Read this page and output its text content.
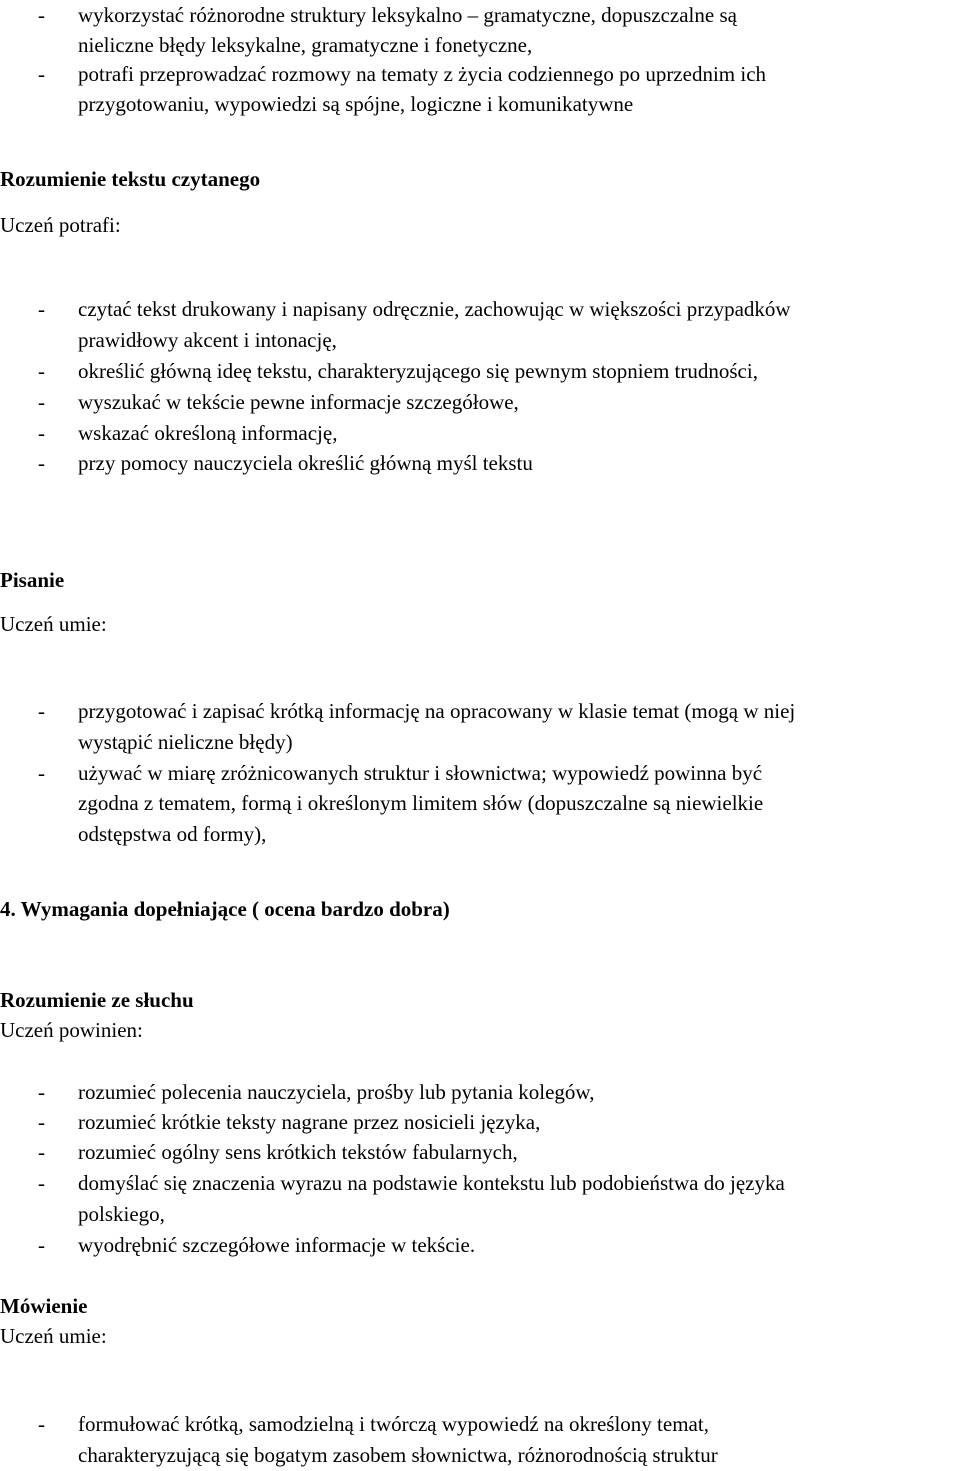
- wykorzystać różnorodne struktury leksykalno – gramatyczne, dopuszczalne są
nieliczne błędy leksykalne, gramatyczne i fonetyczne,
- potrafi przeprowadzać rozmowy na tematy z życia codziennego po uprzednim ich
przygotowaniu, wypowiedzi są spójne, logiczne i komunikatywne
Rozumienie tekstu czytanego
Uczeń potrafi:
- czytać tekst drukowany i napisany odręcznie, zachowując w większości przypadków
prawidłowy akcent i intonację,
- określić główną ideę tekstu, charakteryzującego się pewnym stopniem trudności,
- wyszukać w tekście pewne informacje szczegółowe,
- wskazać określoną informację,
- przy pomocy nauczyciela określić główną myśl tekstu
Pisanie
Uczeń umie:
- przygotować i zapisać krótką informację na opracowany w klasie temat (mogą w niej
wystąpić nieliczne błędy)
- używać w miarę zróżnicowanych struktur i słownictwa; wypowiedź powinna być
zgodna z tematem, formą i określonym limitem słów (dopuszczalne są niewielkie
odstępstwa od formy),
4. Wymagania dopełniające ( ocena bardzo dobra)
Rozumienie ze słuchu
Uczeń powinien:
- rozumieć polecenia nauczyciela, prośby lub pytania kolegów,
- rozumieć krótkie teksty nagrane przez nosicieli języka,
- rozumieć ogólny sens krótkich tekstów fabularnych,
- domyślać się znaczenia wyrazu na podstawie kontekstu lub podobieństwa do języka
polskiego,
- wyodrębnić szczegółowe informacje w tekście.
Mówienie
Uczeń umie:
- formułować krótką, samodzielną i twórczą wypowiedź na określony temat,
charakteryzującą się bogatym zasobem słownictwa, różnorodnością struktur
